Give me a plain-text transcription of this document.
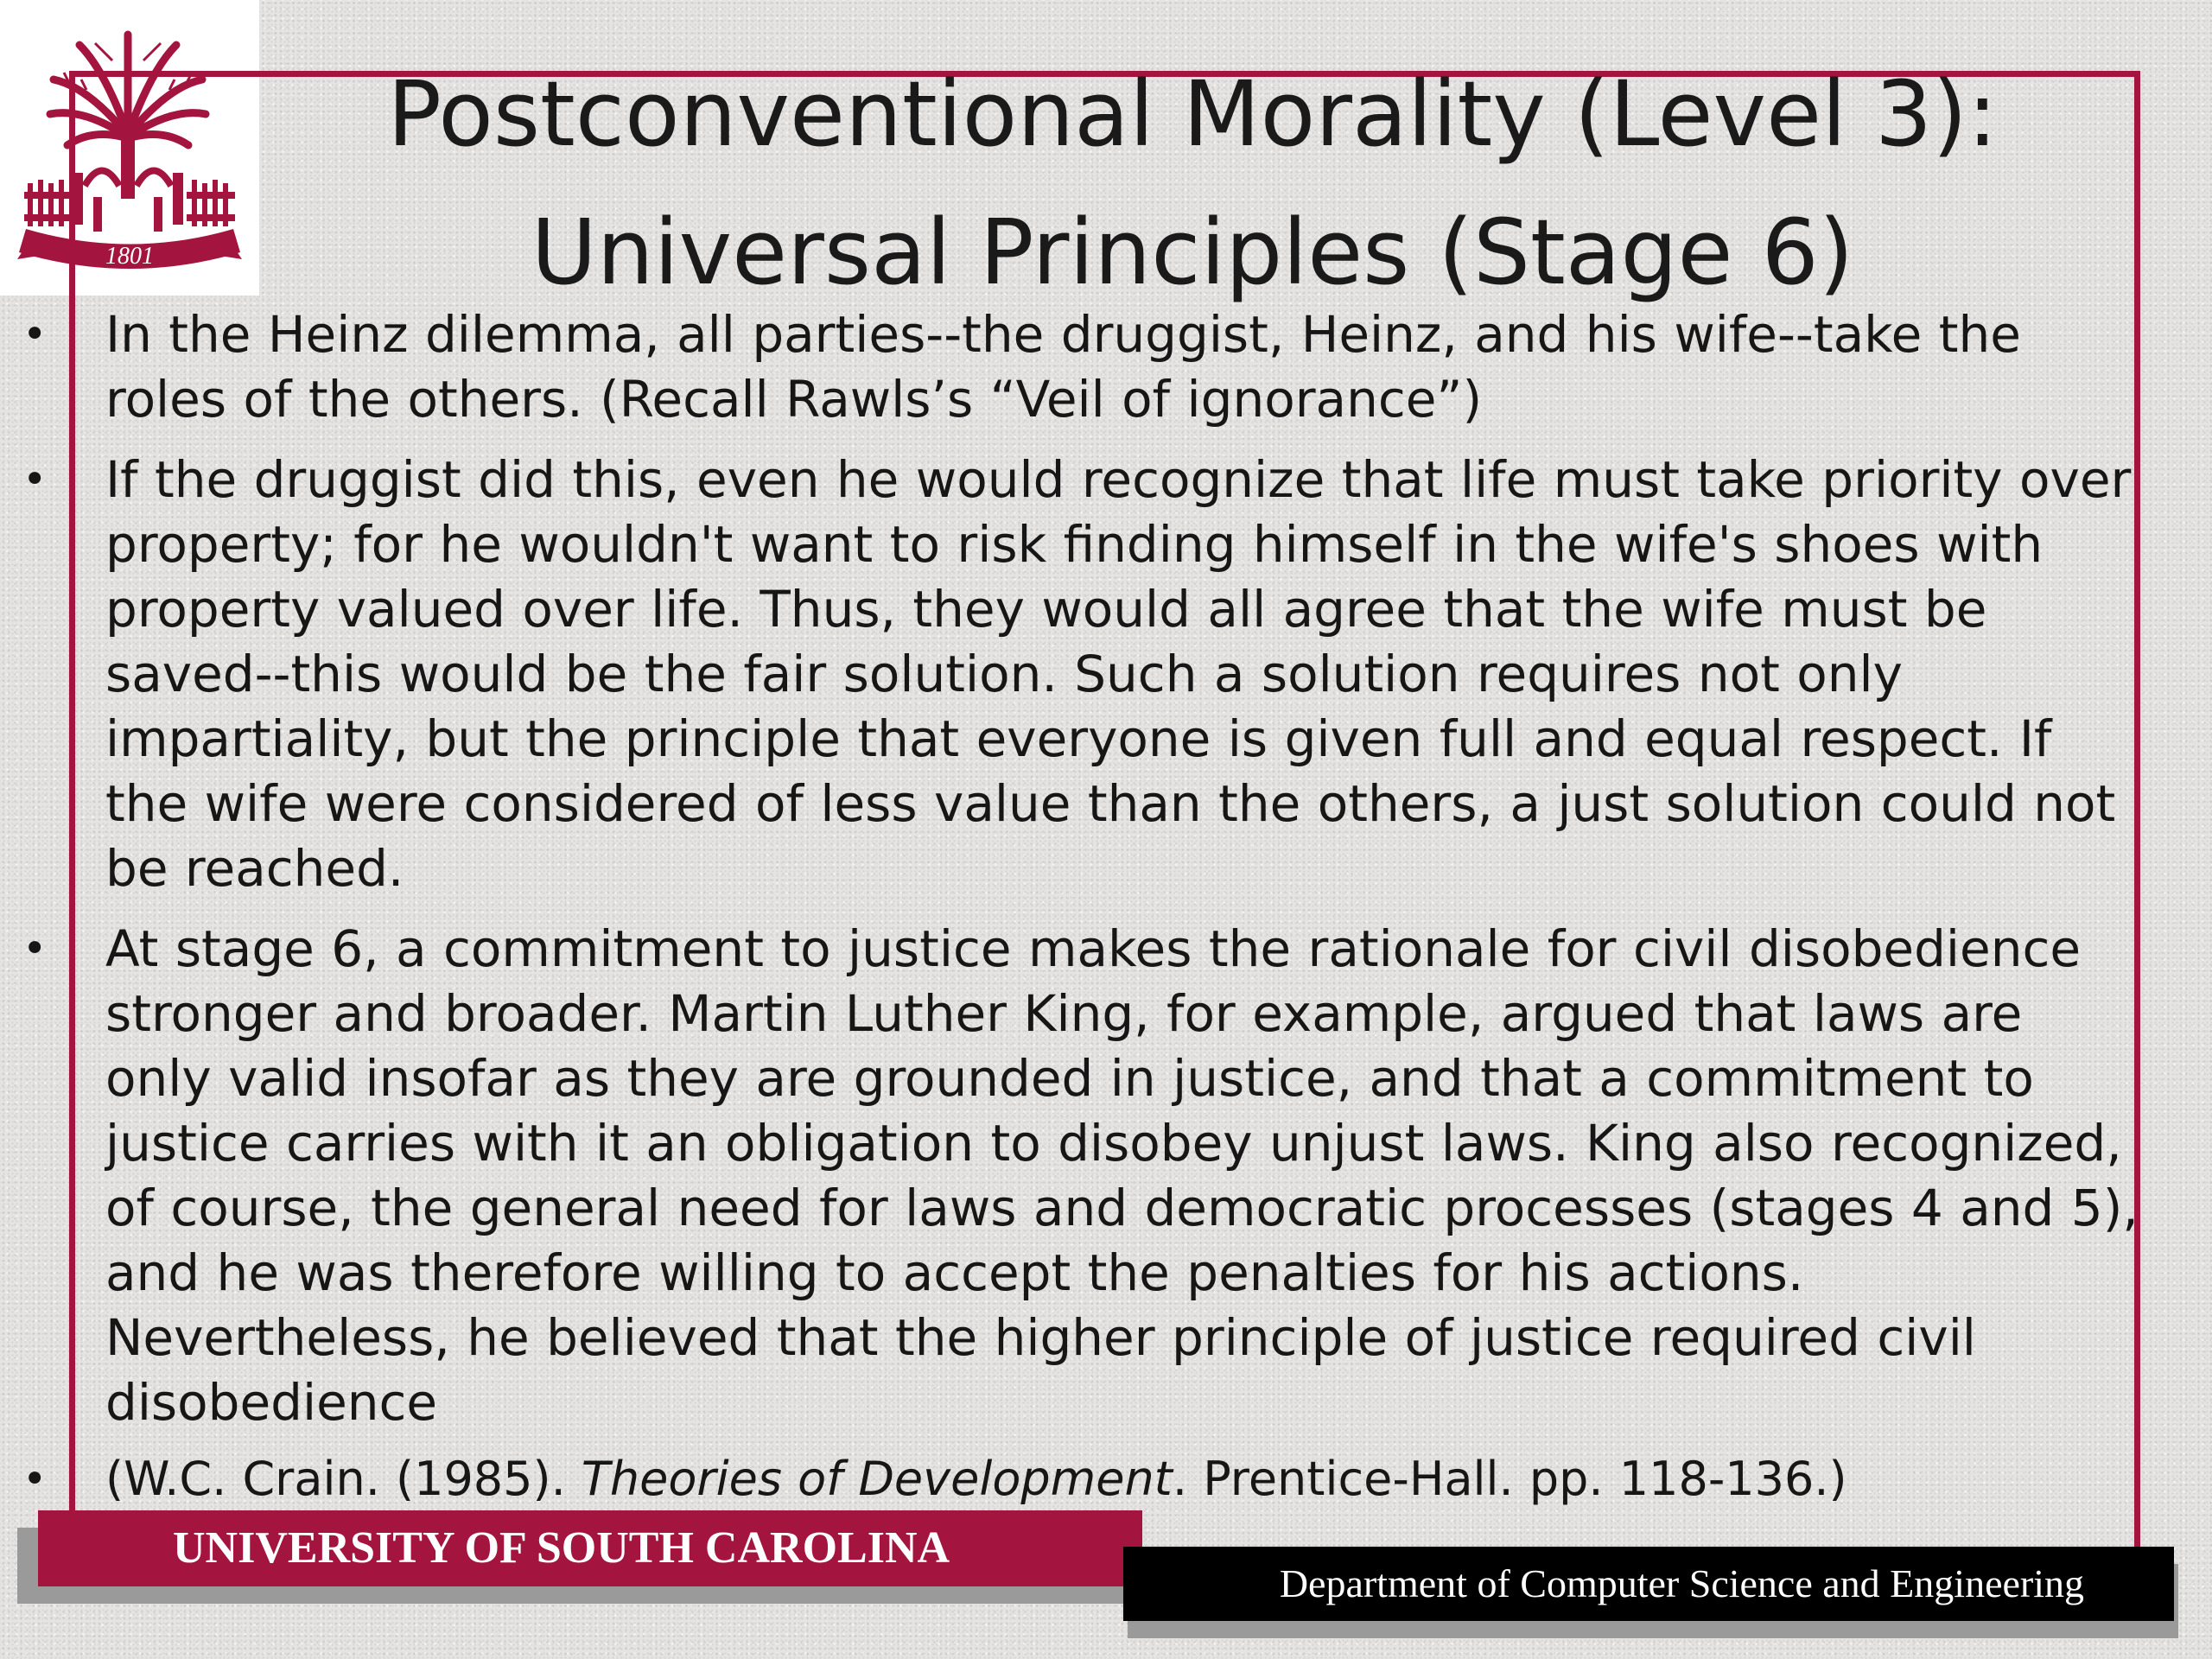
1801
Postconventional Morality (Level 3):
Universal Principles (Stage 6)
• In the Heinz dilemma, all parties--the druggist, Heinz, and his wife--take the roles of the others. (Recall Rawls’s “Veil of ignorance”)
• If the druggist did this, even he would recognize that life must take priority over property; for he wouldn't want to risk finding himself in the wife's shoes with property valued over life. Thus, they would all agree that the wife must be saved--this would be the fair solution. Such a solution requires not only impartiality, but the principle that everyone is given full and equal respect. If the wife were considered of less value than the others, a just solution could not be reached.
• At stage 6, a commitment to justice makes the rationale for civil disobedience stronger and broader. Martin Luther King, for example, argued that laws are only valid insofar as they are grounded in justice, and that a commitment to justice carries with it an obligation to disobey unjust laws. King also recognized, of course, the general need for laws and democratic processes (stages 4 and 5), and he was therefore willing to accept the penalties for his actions. Nevertheless, he believed that the higher principle of justice required civil disobedience
• (W.C. Crain. (1985). Theories of Development. Prentice-Hall. pp. 118-136.)
UNIVERSITY OF SOUTH CAROLINA
Department of Computer Science and Engineering
